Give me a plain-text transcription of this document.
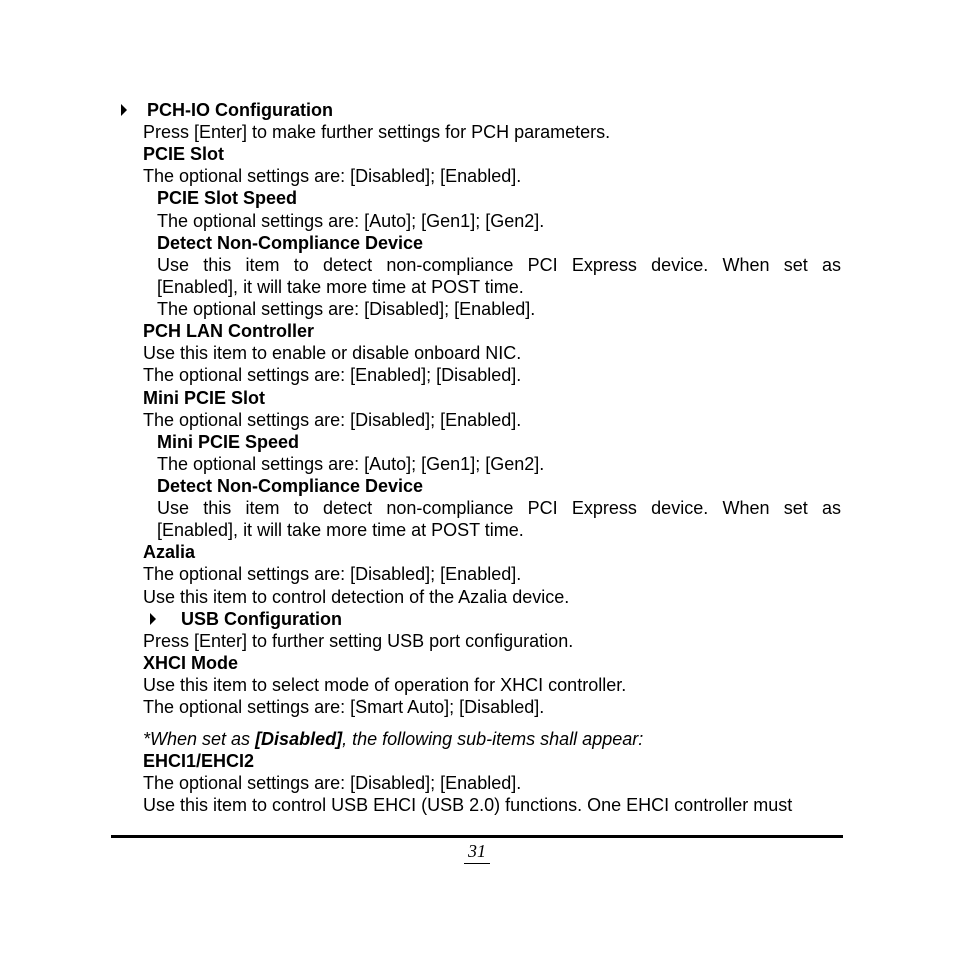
PCH-IO Configuration
Press [Enter] to make further settings for PCH parameters.
PCIE Slot
The optional settings are: [Disabled]; [Enabled].
PCIE Slot Speed
The optional settings are: [Auto]; [Gen1]; [Gen2].
Detect Non-Compliance Device
Use this item to detect non-compliance PCI Express device. When set as
[Enabled], it will take more time at POST time.
The optional settings are: [Disabled]; [Enabled].
PCH LAN Controller
Use this item to enable or disable onboard NIC.
The optional settings are: [Enabled]; [Disabled].
Mini PCIE Slot
The optional settings are: [Disabled]; [Enabled].
Mini PCIE Speed
The optional settings are: [Auto]; [Gen1]; [Gen2].
Detect Non-Compliance Device
Use this item to detect non-compliance PCI Express device. When set as
[Enabled], it will take more time at POST time.
Azalia
The optional settings are: [Disabled]; [Enabled].
Use this item to control detection of the Azalia device.
USB Configuration
Press [Enter] to further setting USB port configuration.
XHCI Mode
Use this item to select mode of operation for XHCI controller.
The optional settings are: [Smart Auto]; [Disabled].
*When set as [Disabled], the following sub-items shall appear:
EHCI1/EHCI2
The optional settings are: [Disabled]; [Enabled].
Use this item to control USB EHCI (USB 2.0) functions. One EHCI controller must
31
